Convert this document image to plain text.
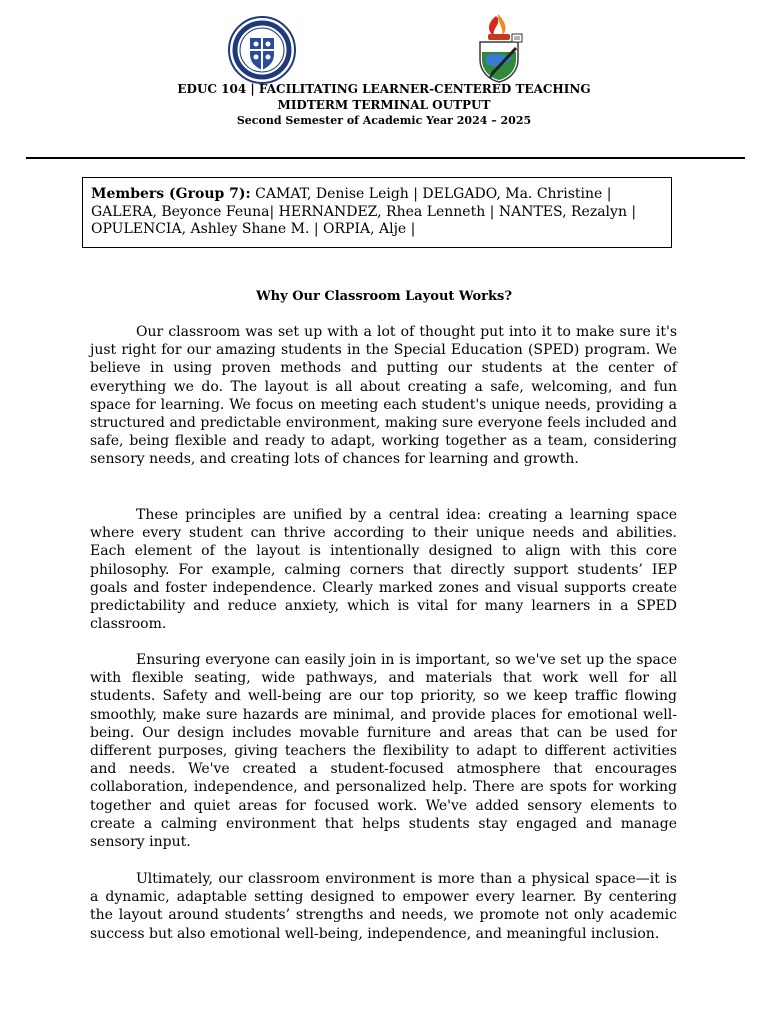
EDUC 104 | FACILITATING LEARNER-CENTERED TEACHING
MIDTERM TERMINAL OUTPUT
Second Semester of Academic Year 2024 – 2025
Members (Group 7): CAMAT, Denise Leigh | DELGADO, Ma. Christine | GALERA, Beyonce Feuna| HERNANDEZ, Rhea Lenneth | NANTES, Rezalyn | OPULENCIA, Ashley Shane M. | ORPIA, Alje |
Why Our Classroom Layout Works?

Our classroom was set up with a lot of thought put into it to make sure it's just right for our amazing students in the Special Education (SPED) program. We believe in using proven methods and putting our students at the center of everything we do. The layout is all about creating a safe, welcoming, and fun space for learning. We focus on meeting each student's unique needs, providing a structured and predictable environment, making sure everyone feels included and safe, being flexible and ready to adapt, working together as a team, considering sensory needs, and creating lots of chances for learning and growth.

These principles are unified by a central idea: creating a learning space where every student can thrive according to their unique needs and abilities. Each element of the layout is intentionally designed to align with this core philosophy. For example, calming corners that directly support students’ IEP goals and foster independence. Clearly marked zones and visual supports create predictability and reduce anxiety, which is vital for many learners in a SPED classroom.

Ensuring everyone can easily join in is important, so we've set up the space with flexible seating, wide pathways, and materials that work well for all students. Safety and well-being are our top priority, so we keep traffic flowing smoothly, make sure hazards are minimal, and provide places for emotional well-being. Our design includes movable furniture and areas that can be used for different purposes, giving teachers the flexibility to adapt to different activities and needs. We've created a student-focused atmosphere that encourages collaboration, independence, and personalized help. There are spots for working together and quiet areas for focused work. We've added sensory elements to create a calming environment that helps students stay engaged and manage sensory input.

Ultimately, our classroom environment is more than a physical space—it is a dynamic, adaptable setting designed to empower every learner. By centering the layout around students’ strengths and needs, we promote not only academic success but also emotional well-being, independence, and meaningful inclusion.
